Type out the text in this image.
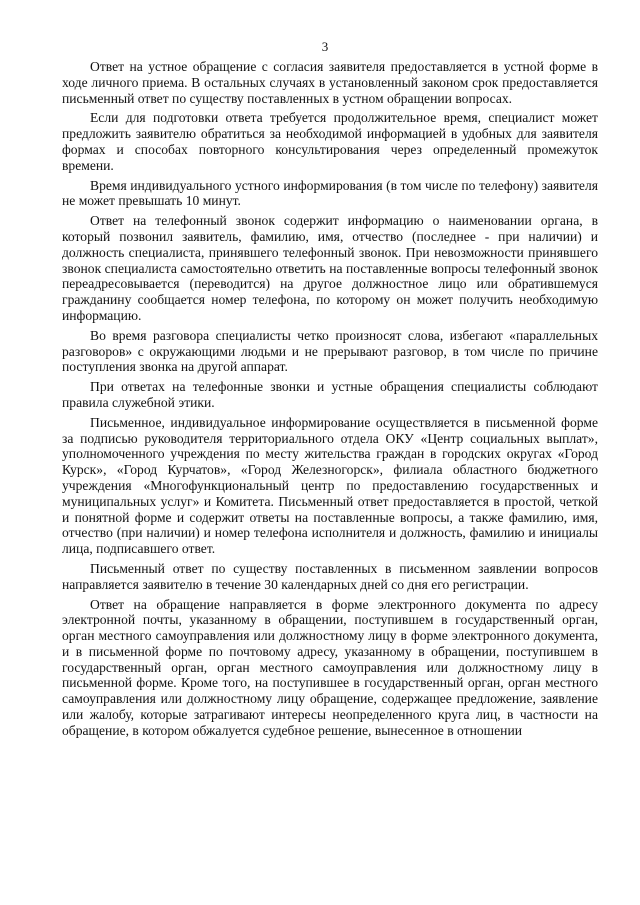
3

Ответ на устное обращение с согласия заявителя предоставляется в устной форме в ходе личного приема. В остальных случаях в установленный законом срок предоставляется письменный ответ по существу поставленных в устном обращении вопросах.

Если для подготовки ответа требуется продолжительное время, специалист может предложить заявителю обратиться за необходимой информацией в удобных для заявителя формах и способах повторного консультирования через определенный промежуток времени.

Время индивидуального устного информирования (в том числе по телефону) заявителя не может превышать 10 минут.

Ответ на телефонный звонок содержит информацию о наименовании органа, в который позвонил заявитель, фамилию, имя, отчество (последнее - при наличии) и должность специалиста, принявшего телефонный звонок. При невозможности принявшего звонок специалиста самостоятельно ответить на поставленные вопросы телефонный звонок переадресовывается (переводится) на другое должностное лицо или обратившемуся гражданину сообщается номер телефона, по которому он может получить необходимую информацию.

Во время разговора специалисты четко произносят слова, избегают «параллельных разговоров» с окружающими людьми и не прерывают разговор, в том числе по причине поступления звонка на другой аппарат.

При ответах на телефонные звонки и устные обращения специалисты соблюдают правила служебной этики.

Письменное, индивидуальное информирование осуществляется в письменной форме за подписью руководителя территориального отдела ОКУ «Центр социальных выплат», уполномоченного учреждения по месту жительства граждан в городских округах «Город Курск», «Город Курчатов», «Город Железногорск», филиала областного бюджетного учреждения «Многофункциональный центр по предоставлению государственных и муниципальных услуг» и Комитета. Письменный ответ предоставляется в простой, четкой и понятной форме и содержит ответы на поставленные вопросы, а также фамилию, имя, отчество (при наличии) и номер телефона исполнителя и должность, фамилию и инициалы лица, подписавшего ответ.

Письменный ответ по существу поставленных в письменном заявлении вопросов направляется заявителю в течение 30 календарных дней со дня его регистрации.

Ответ на обращение направляется в форме электронного документа по адресу электронной почты, указанному в обращении, поступившем в государственный орган, орган местного самоуправления или должностному лицу в форме электронного документа, и в письменной форме по почтовому адресу, указанному в обращении, поступившем в государственный орган, орган местного самоуправления или должностному лицу в письменной форме. Кроме того, на поступившее в государственный орган, орган местного самоуправления или должностному лицу обращение, содержащее предложение, заявление или жалобу, которые затрагивают интересы неопределенного круга лиц, в частности на обращение, в котором обжалуется судебное решение, вынесенное в отношении
